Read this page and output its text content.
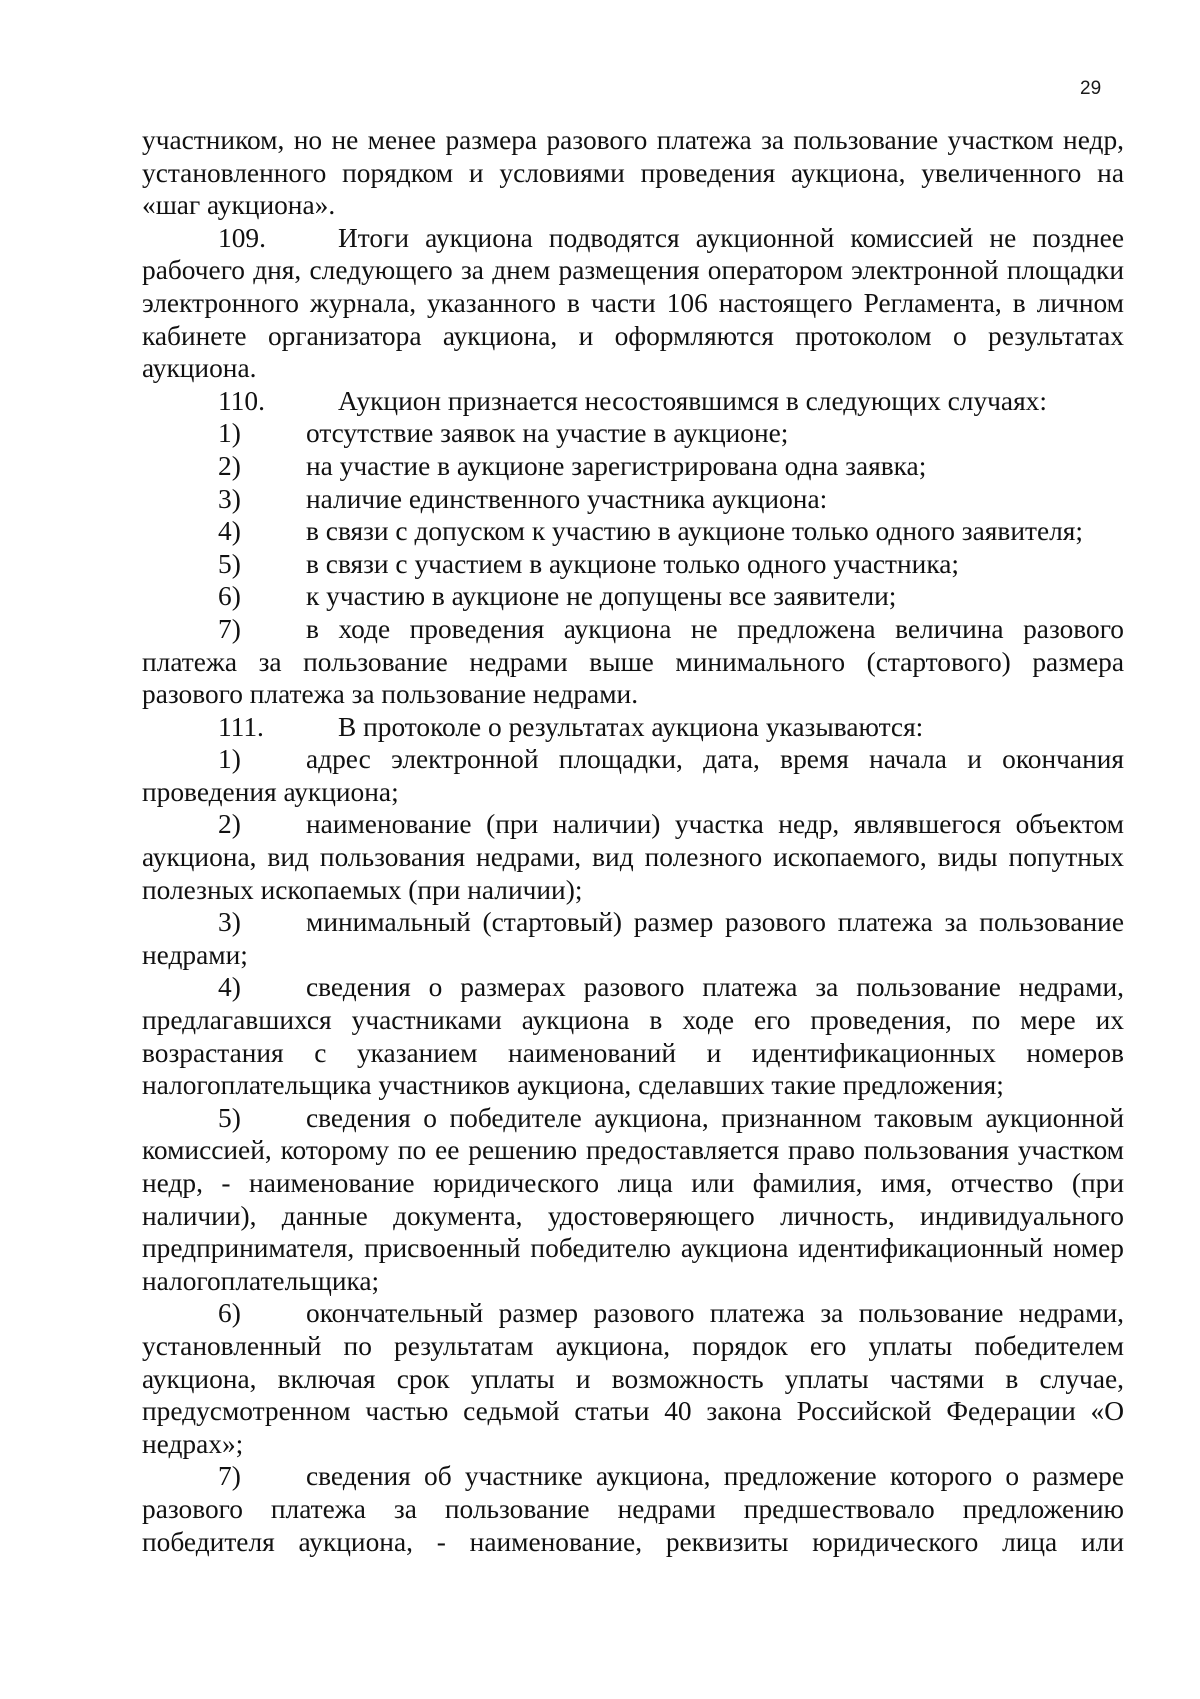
29

участником, но не менее размера разового платежа за пользование участком недр, установленного порядком и условиями проведения аукциона, увеличенного на «шаг аукциона».

109.	Итоги аукциона подводятся аукционной комиссией не позднее рабочего дня, следующего за днем размещения оператором электронной площадки электронного журнала, указанного в части 106 настоящего Регламента, в личном кабинете организатора аукциона, и оформляются протоколом о результатах аукциона.

110.	Аукцион признается несостоявшимся в следующих случаях:

1) отсутствие заявок на участие в аукционе;

2) на участие в аукционе зарегистрирована одна заявка;

3) наличие единственного участника аукциона:

4) в связи с допуском к участию в аукционе только одного заявителя;

5) в связи с участием в аукционе только одного участника;

6) к участию в аукционе не допущены все заявители;

7) в ходе проведения аукциона не предложена величина разового платежа за пользование недрами выше минимального (стартового) размера разового платежа за пользование недрами.

111.	В протоколе о результатах аукциона указываются:

1) адрес электронной площадки, дата, время начала и окончания проведения аукциона;

2) наименование (при наличии) участка недр, являвшегося объектом аукциона, вид пользования недрами, вид полезного ископаемого, виды попутных полезных ископаемых (при наличии);

3) минимальный (стартовый) размер разового платежа за пользование недрами;

4) сведения о размерах разового платежа за пользование недрами, предлагавшихся участниками аукциона в ходе его проведения, по мере их возрастания с указанием наименований и идентификационных номеров налогоплательщика участников аукциона, сделавших такие предложения;

5) сведения о победителе аукциона, признанном таковым аукционной комиссией, которому по ее решению предоставляется право пользования участком недр, - наименование юридического лица или фамилия, имя, отчество (при наличии), данные документа, удостоверяющего личность, индивидуального предпринимателя, присвоенный победителю аукциона идентификационный номер налогоплательщика;

6) окончательный размер разового платежа за пользование недрами, установленный по результатам аукциона, порядок его уплаты победителем аукциона, включая срок уплаты и возможность уплаты частями в случае, предусмотренном частью седьмой статьи 40 закона Российской Федерации «О недрах»;

7) сведения об участнике аукциона, предложение которого о размере разового платежа за пользование недрами предшествовало предложению победителя аукциона, - наименование, реквизиты юридического лица или
